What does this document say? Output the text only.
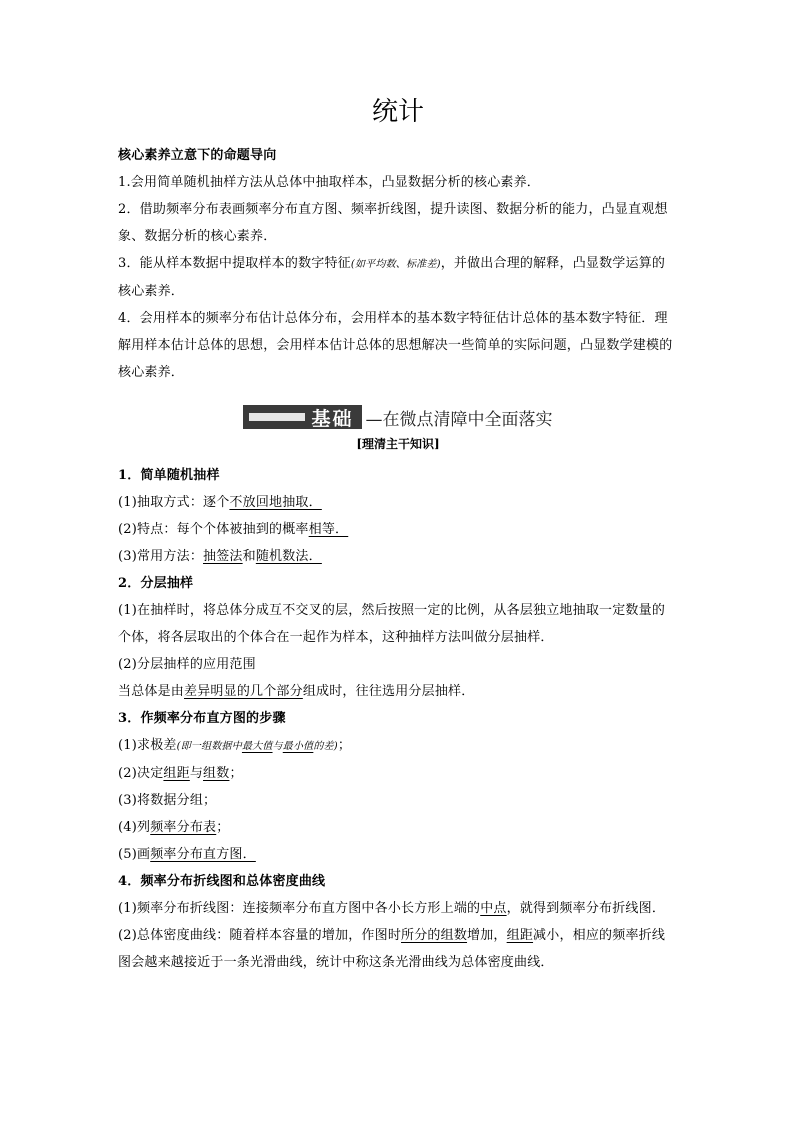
统计

核心素养立意下的命题导向

1.会用简单随机抽样方法从总体中抽取样本，凸显数据分析的核心素养．

2．借助频率分布表画频率分布直方图、频率折线图，提升读图、数据分析的能力，凸显直观想象、数据分析的核心素养．

3．能从样本数据中提取样本的数字特征(如平均数、标准差)，并做出合理的解释，凸显数学运算的核心素养．

4．会用样本的频率分布估计总体分布，会用样本的基本数字特征估计总体的基本数字特征．理解用样本估计总体的思想，会用样本估计总体的思想解决一些简单的实际问题，凸显数学建模的核心素养．

基础 —在微点清障中全面落实

[理清主干知识]

1．简单随机抽样

(1)抽取方式：逐个不放回地抽取．

(2)特点：每个个体被抽到的概率相等．

(3)常用方法：抽签法和随机数法．

2．分层抽样

(1)在抽样时，将总体分成互不交叉的层，然后按照一定的比例，从各层独立地抽取一定数量的个体，将各层取出的个体合在一起作为样本，这种抽样方法叫做分层抽样．

(2)分层抽样的应用范围

当总体是由差异明显的几个部分组成时，往往选用分层抽样．

3．作频率分布直方图的步骤

(1)求极差(即一组数据中最大值与最小值的差)；

(2)决定组距与组数；

(3)将数据分组；

(4)列频率分布表；

(5)画频率分布直方图．

4．频率分布折线图和总体密度曲线

(1)频率分布折线图：连接频率分布直方图中各小长方形上端的中点，就得到频率分布折线图．

(2)总体密度曲线：随着样本容量的增加，作图时所分的组数增加，组距减小，相应的频率折线图会越来越接近于一条光滑曲线，统计中称这条光滑曲线为总体密度曲线．
